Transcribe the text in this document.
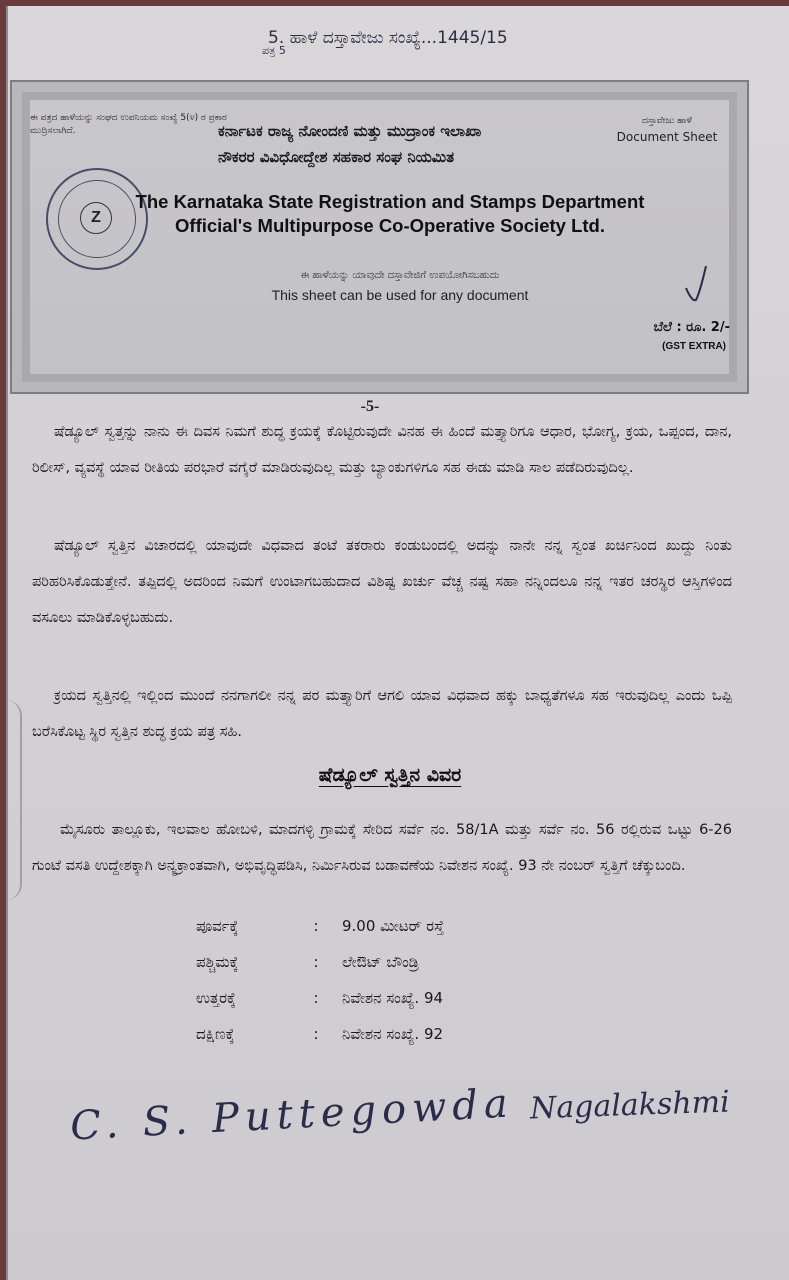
5. ಹಾಳೆ ದಸ್ತಾವೇಜು ಸಂಖ್ಯೆ...1445/15
ಪತ್ರ 5
ಈ ಪತ್ರದ ಹಾಳೆಯನ್ನು ಸಂಘದ ಉಪನಿಯಮ ಸಂಖ್ಯೆ 5(೪) ರ ಪ್ರಕಾರ ಮುದ್ರಿಸಲಾಗಿದೆ.
ದಸ್ತಾವೇಜು ಹಾಳೆ
Document Sheet
ಕರ್ನಾಟಕ ರಾಜ್ಯ ನೋಂದಣಿ ಮತ್ತು ಮುದ್ರಾಂಕ ಇಲಾಖಾ
ನೌಕರರ ವಿವಿಧೋದ್ದೇಶ ಸಹಕಾರ ಸಂಘ ನಿಯಮಿತ
Z
The Karnataka State Registration and Stamps Department
Official's Multipurpose Co-Operative Society Ltd.
ಈ ಹಾಳೆಯನ್ನು ಯಾವುದೇ ದಸ್ತಾವೇಜಿಗೆ ಉಪಯೋಗಿಸಬಹುದು
This sheet can be used for any document
ಬೆಲೆ : ರೂ. 2/-
(GST EXTRA)
-5-
ಷೆಡ್ಯೂಲ್ ಸ್ವತ್ತನ್ನು ನಾನು ಈ ದಿವಸ ನಿಮಗೆ ಶುದ್ಧ ಕ್ರಯಕ್ಕೆ ಕೊಟ್ಟಿರುವುದೇ ವಿನಹ ಈ ಹಿಂದೆ ಮತ್ತ್ಯಾರಿಗೂ ಆಧಾರ, ಭೋಗ್ಯ, ಕ್ರಯ, ಒಪ್ಪಂದ, ದಾನ, ರಿಲೀಸ್, ವ್ಯವಸ್ಥೆ ಯಾವ ರೀತಿಯ ಪರಭಾರೆ ವಗೈರೆ ಮಾಡಿರುವುದಿಲ್ಲ ಮತ್ತು ಬ್ಯಾಂಕುಗಳಿಗೂ ಸಹ ಈಡು ಮಾಡಿ ಸಾಲ ಪಡೆದಿರುವುದಿಲ್ಲ.
ಷೆಡ್ಯೂಲ್ ಸ್ವತ್ತಿನ ವಿಚಾರದಲ್ಲಿ ಯಾವುದೇ ವಿಧವಾದ ತಂಟೆ ತಕರಾರು ಕಂಡುಬಂದಲ್ಲಿ ಅದನ್ನು ನಾನೇ ನನ್ನ ಸ್ವಂತ ಖರ್ಚಿನಿಂದ ಖುದ್ದು ನಿಂತು ಪರಿಹರಿಸಿಕೊಡುತ್ತೇನೆ. ತಪ್ಪಿದಲ್ಲಿ ಅದರಿಂದ ನಿಮಗೆ ಉಂಟಾಗಬಹುದಾದ ವಿಶಿಷ್ಟ ಖರ್ಚು ವೆಚ್ಚ ನಷ್ಟ ಸಹಾ ನನ್ನಿಂದಲೂ ನನ್ನ ಇತರ ಚರಸ್ಥಿರ ಆಸ್ತಿಗಳಿಂದ ವಸೂಲು ಮಾಡಿಕೊಳ್ಳಬಹುದು.
ಕ್ರಯದ ಸ್ವತ್ತಿನಲ್ಲಿ ಇಲ್ಲಿಂದ ಮುಂದೆ ನನಗಾಗಲೀ ನನ್ನ ಪರ ಮತ್ತ್ಯಾರಿಗೆ ಆಗಲಿ ಯಾವ ವಿಧವಾದ ಹಕ್ಕು ಬಾಧ್ಯತೆಗಳೂ ಸಹ ಇರುವುದಿಲ್ಲ ಎಂದು ಒಪ್ಪಿ ಬರೆಸಿಕೊಟ್ಟ ಸ್ಥಿರ ಸ್ವತ್ತಿನ ಶುದ್ಧ ಕ್ರಯ ಪತ್ರ ಸಹಿ.
ಷೆಡ್ಯೂಲ್ ಸ್ವತ್ತಿನ ವಿವರ
ಮೈಸೂರು ತಾಲ್ಲೂಕು, ಇಲವಾಲ ಹೋಬಳಿ, ಮಾದಗಳ್ಳಿ ಗ್ರಾಮಕ್ಕೆ ಸೇರಿದ ಸರ್ವೆ ನಂ. 58/1A ಮತ್ತು ಸರ್ವೆ ನಂ. 56 ರಲ್ಲಿರುವ ಒಟ್ಟು 6-26 ಗುಂಟೆ ವಸತಿ ಉದ್ದೇಶಕ್ಕಾಗಿ ಅನ್ಯಕ್ರಾಂತವಾಗಿ, ಅಭಿವೃದ್ಧಿಪಡಿಸಿ, ನಿರ್ಮಿಸಿರುವ ಬಡಾವಣೆಯ ನಿವೇಶನ ಸಂಖ್ಯೆ. 93 ನೇ ನಂಬರ್ ಸ್ವತ್ತಿಗೆ ಚೆಕ್ಕುಬಂದಿ.
ಪೂರ್ವಕ್ಕೆ	:	9.00 ಮೀಟರ್ ರಸ್ತೆ
ಪಶ್ಚಿಮಕ್ಕೆ	:	ಲೇಔಟ್ ಬೌಂಡ್ರಿ
ಉತ್ತರಕ್ಕೆ	:	ನಿವೇಶನ ಸಂಖ್ಯೆ. 94
ದಕ್ಷಿಣಕ್ಕೆ	:	ನಿವೇಶನ ಸಂಖ್ಯೆ. 92
C. S. Puttegowda Nagalakshmi
